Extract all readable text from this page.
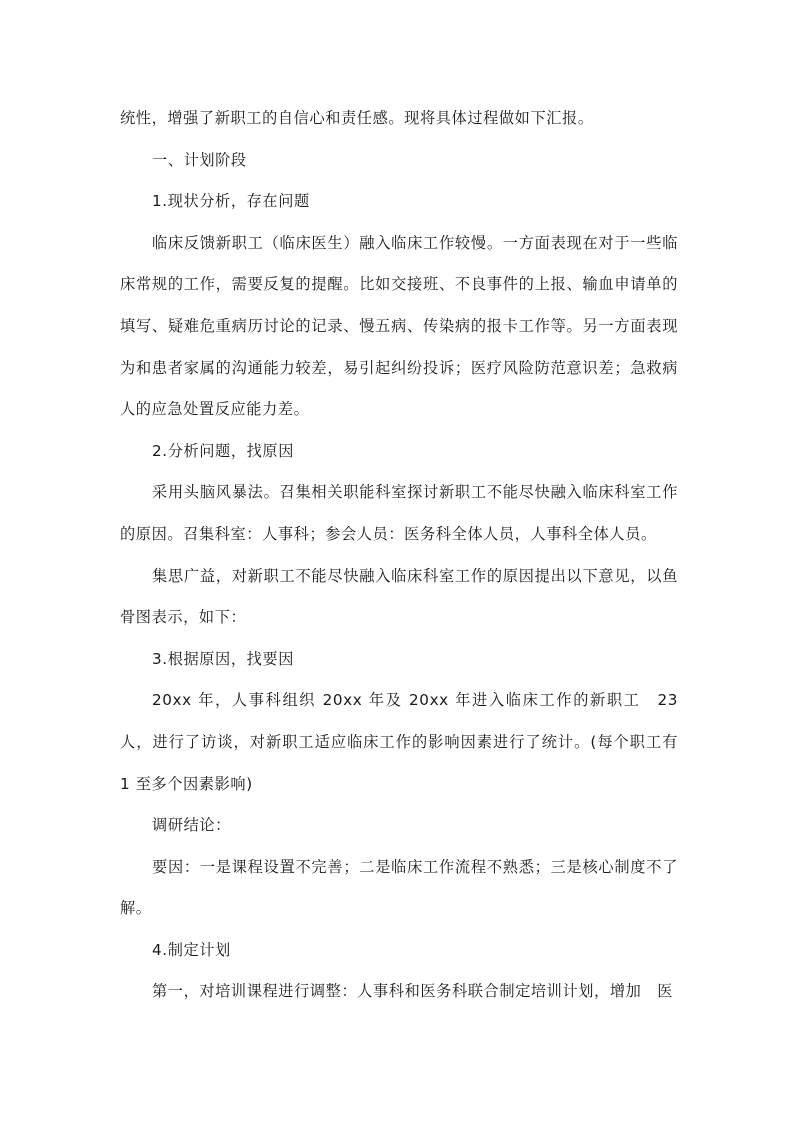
统性，增强了新职工的自信心和责任感。现将具体过程做如下汇报。

一、计划阶段

1.现状分析，存在问题

临床反馈新职工（临床医生）融入临床工作较慢。一方面表现在对于一些临床常规的工作，需要反复的提醒。比如交接班、不良事件的上报、输血申请单的填写、疑难危重病历讨论的记录、慢五病、传染病的报卡工作等。另一方面表现为和患者家属的沟通能力较差，易引起纠纷投诉；医疗风险防范意识差；急救病人的应急处置反应能力差。

2.分析问题，找原因

采用头脑风暴法。召集相关职能科室探讨新职工不能尽快融入临床科室工作的原因。召集科室：人事科；参会人员：医务科全体人员，人事科全体人员。

集思广益，对新职工不能尽快融入临床科室工作的原因提出以下意见，以鱼骨图表示，如下：

3.根据原因，找要因

20xx 年，人事科组织 20xx 年及 20xx 年进入临床工作的新职工　23 人，进行了访谈，对新职工适应临床工作的影响因素进行了统计。(每个职工有 1 至多个因素影响)

调研结论：

要因：一是课程设置不完善；二是临床工作流程不熟悉；三是核心制度不了解。

4.制定计划

第一，对培训课程进行调整：人事科和医务科联合制定培训计划，增加　医
